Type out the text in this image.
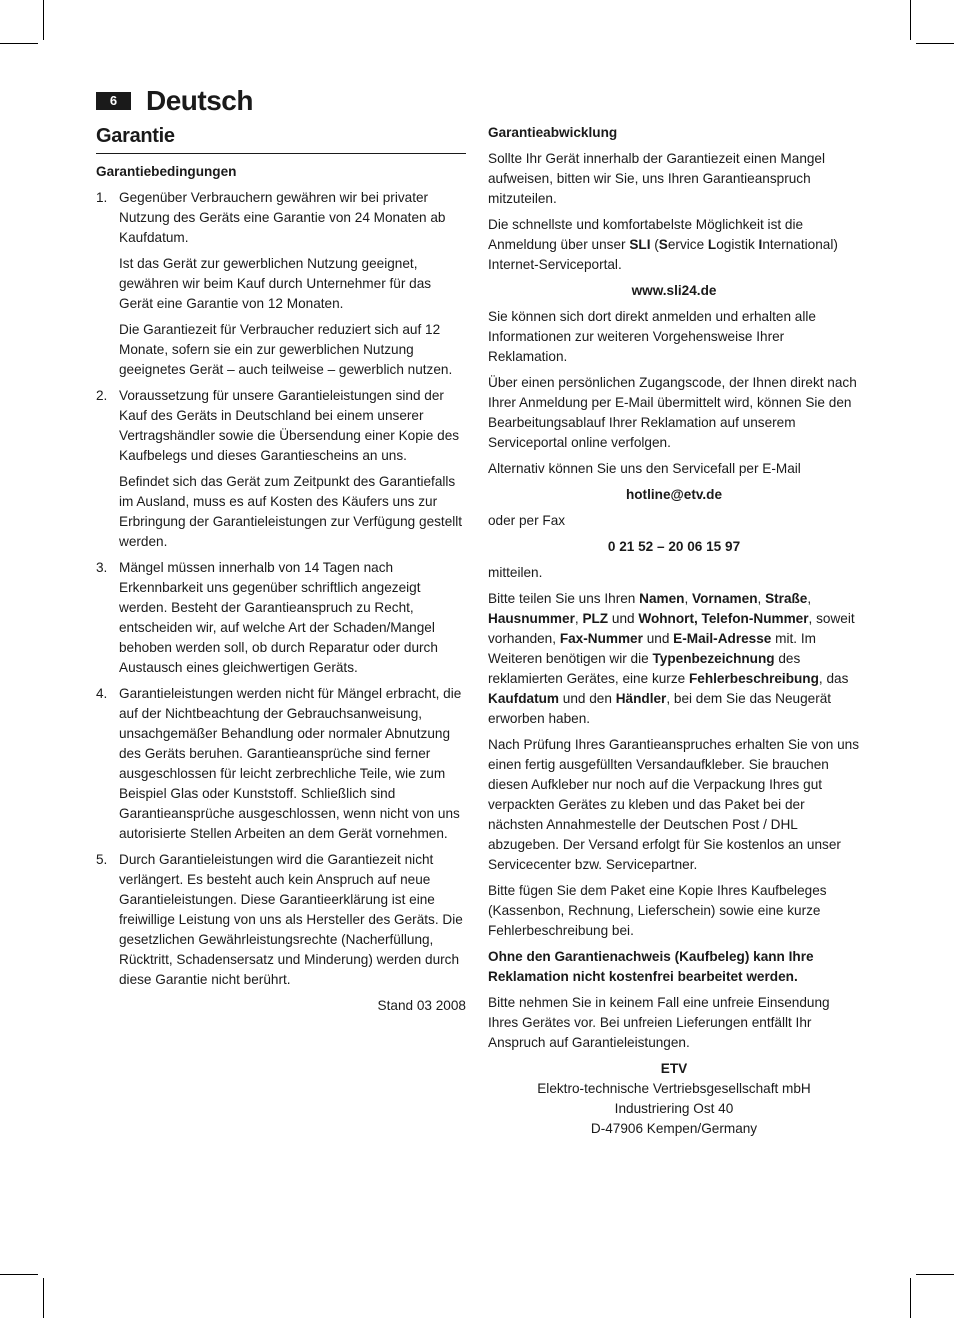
6	Deutsch
Garantie

Garantiebedingungen

1. Gegenüber Verbrauchern gewähren wir bei privater Nutzung des Geräts eine Garantie von 24 Monaten ab Kaufdatum.

Ist das Gerät zur gewerblichen Nutzung geeignet, gewähren wir beim Kauf durch Unternehmer für das Gerät eine Garantie von 12 Monaten.

Die Garantiezeit für Verbraucher reduziert sich auf 12 Monate, sofern sie ein zur gewerblichen Nutzung geeignetes Gerät – auch teilweise – gewerblich nutzen.

2. Voraussetzung für unsere Garantieleistungen sind der Kauf des Geräts in Deutschland bei einem unserer Vertragshändler sowie die Übersendung einer Kopie des Kaufbelegs und dieses Garantiescheins an uns.

Befindet sich das Gerät zum Zeitpunkt des Garantiefalls im Ausland, muss es auf Kosten des Käufers uns zur Erbringung der Garantieleistungen zur Verfügung gestellt werden.

3. Mängel müssen innerhalb von 14 Tagen nach Erkennbarkeit uns gegenüber schriftlich angezeigt werden. Besteht der Garantieanspruch zu Recht, entscheiden wir, auf welche Art der Schaden/Mangel behoben werden soll, ob durch Reparatur oder durch Austausch eines gleichwertigen Geräts.

4. Garantieleistungen werden nicht für Mängel erbracht, die auf der Nichtbeachtung der Gebrauchsanweisung, unsachgemäßer Behandlung oder normaler Abnutzung des Geräts beruhen. Garantieansprüche sind ferner ausgeschlossen für leicht zerbrechliche Teile, wie zum Beispiel Glas oder Kunststoff. Schließlich sind Garantieansprüche ausgeschlossen, wenn nicht von uns autorisierte Stellen Arbeiten an dem Gerät vornehmen.

5. Durch Garantieleistungen wird die Garantiezeit nicht verlängert. Es besteht auch kein Anspruch auf neue Garantieleistungen. Diese Garantieerklärung ist eine freiwillige Leistung von uns als Hersteller des Geräts. Die gesetzlichen Gewährleistungsrechte (Nacherfüllung, Rücktritt, Schadensersatz und Minderung) werden durch diese Garantie nicht berührt.

Stand 03 2008

Garantieabwicklung

Sollte Ihr Gerät innerhalb der Garantiezeit einen Mangel aufweisen, bitten wir Sie, uns Ihren Garantieanspruch mitzuteilen.

Die schnellste und komfortabelste Möglichkeit ist die Anmeldung über unser SLI (Service Logistik International) Internet-Serviceportal.

www.sli24.de

Sie können sich dort direkt anmelden und erhalten alle Informationen zur weiteren Vorgehensweise Ihrer Reklamation.

Über einen persönlichen Zugangscode, der Ihnen direkt nach Ihrer Anmeldung per E-Mail übermittelt wird, können Sie den Bearbeitungsablauf Ihrer Reklamation auf unserem Serviceportal online verfolgen.

Alternativ können Sie uns den Servicefall per E-Mail

hotline@etv.de

oder per Fax

0 21 52 – 20 06 15 97

mitteilen.

Bitte teilen Sie uns Ihren Namen, Vornamen, Straße, Hausnummer, PLZ und Wohnort, Telefon-Nummer, soweit vorhanden, Fax-Nummer und E-Mail-Adresse mit. Im Weiteren benötigen wir die Typenbezeichnung des reklamierten Gerätes, eine kurze Fehlerbeschreibung, das Kaufdatum und den Händler, bei dem Sie das Neugerät erworben haben.

Nach Prüfung Ihres Garantieanspruches erhalten Sie von uns einen fertig ausgefüllten Versandaufkleber. Sie brauchen diesen Aufkleber nur noch auf die Verpackung Ihres gut verpackten Gerätes zu kleben und das Paket bei der nächsten Annahmestelle der Deutschen Post / DHL abzugeben. Der Versand erfolgt für Sie kostenlos an unser Servicecenter bzw. Servicepartner.

Bitte fügen Sie dem Paket eine Kopie Ihres Kaufbeleges (Kassenbon, Rechnung, Lieferschein) sowie eine kurze Fehlerbeschreibung bei.

Ohne den Garantienachweis (Kaufbeleg) kann Ihre Reklamation nicht kostenfrei bearbeitet werden.

Bitte nehmen Sie in keinem Fall eine unfreie Einsendung Ihres Gerätes vor. Bei unfreien Lieferungen entfällt Ihr Anspruch auf Garantieleistungen.

ETV
Elektro-technische Vertriebsgesellschaft mbH
Industriering Ost 40
D-47906 Kempen/Germany
